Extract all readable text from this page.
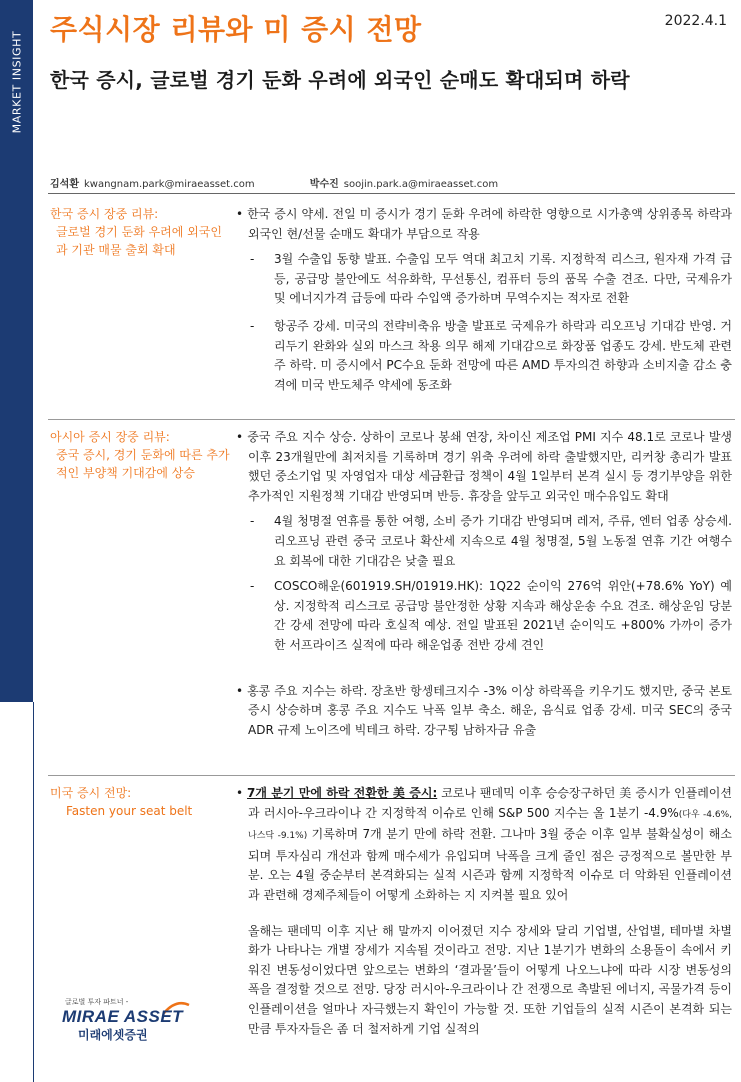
MARKET INSIGHT
주식시장 리뷰와 미 증시 전망	2022.4.1
한국 증시, 글로벌 경기 둔화 우려에 외국인 순매도 확대되며 하락
김석환 kwangnam.park@miraeasset.com	박수진 soojin.park.a@miraeasset.com
한국 증시 장중 리뷰:
글로벌 경기 둔화 우려에 외국인과 기관 매물 출회 확대

• 한국 증시 약세. 전일 미 증시가 경기 둔화 우려에 하락한 영향으로 시가총액 상위종목 하락과 외국인 현/선물 순매도 확대가 부담으로 작용

- 3월 수출입 동향 발표. 수출입 모두 역대 최고치 기록. 지정학적 리스크, 원자재 가격 급등, 공급망 불안에도 석유화학, 무선통신, 컴퓨터 등의 품목 수출 견조. 다만, 국제유가 및 에너지가격 급등에 따라 수입액 증가하며 무역수지는 적자로 전환

- 항공주 강세. 미국의 전략비축유 방출 발표로 국제유가 하락과 리오프닝 기대감 반영. 거리두기 완화와 실외 마스크 착용 의무 해제 기대감으로 화장품 업종도 강세. 반도체 관련주 하락. 미 증시에서 PC수요 둔화 전망에 따른 AMD 투자의견 하향과 소비지출 감소 충격에 미국 반도체주 약세에 동조화

아시아 증시 장중 리뷰:
중국 증시, 경기 둔화에 따른 추가적인 부양책 기대감에 상승

• 중국 주요 지수 상승. 상하이 코로나 봉쇄 연장, 차이신 제조업 PMI 지수 48.1로 코로나 발생 이후 23개월만에 최저치를 기록하며 경기 위축 우려에 하락 출발했지만, 리커창 총리가 발표했던 중소기업 및 자영업자 대상 세금환급 정책이 4월 1일부터 본격 실시 등 경기부양을 위한 추가적인 지원정책 기대감 반영되며 반등. 휴장을 앞두고 외국인 매수유입도 확대

- 4월 청명절 연휴를 통한 여행, 소비 증가 기대감 반영되며 레저, 주류, 엔터 업종 상승세. 리오프닝 관련 중국 코로나 확산세 지속으로 4월 청명절, 5월 노동절 연휴 기간 여행수요 회복에 대한 기대감은 낮출 필요

- COSCO해운(601919.SH/01919.HK): 1Q22 순이익 276억 위안(+78.6% YoY) 예상. 지정학적 리스크로 공급망 불안정한 상황 지속과 해상운송 수요 견조. 해상운임 당분간 강세 전망에 따라 호실적 예상. 전일 발표된 2021년 순이익도 +800% 가까이 증가한 서프라이즈 실적에 따라 해운업종 전반 강세 견인

• 홍콩 주요 지수는 하락. 장초반 항셍테크지수 -3% 이상 하락폭을 키우기도 했지만, 중국 본토증시 상승하며 홍콩 주요 지수도 낙폭 일부 축소. 해운, 음식료 업종 강세. 미국 SEC의 중국 ADR 규제 노이즈에 빅테크 하락. 강구툉 남하자금 유출

미국 증시 전망:
Fasten your seat belt

• 7개 분기 만에 하락 전환한 美 증시: 코로나 팬데믹 이후 승승장구하던 美 증시가 인플레이션과 러시아-우크라이나 간 지정학적 이슈로 인해 S&P 500 지수는 올 1분기 -4.9%(다우 -4.6%, 나스닥 -9.1%) 기록하며 7개 분기 만에 하락 전환. 그나마 3월 중순 이후 일부 불확실성이 해소되며 투자심리 개선과 함께 매수세가 유입되며 낙폭을 크게 줄인 점은 긍정적으로 볼만한 부분. 오는 4월 중순부터 본격화되는 실적 시즌과 함께 지정학적 이슈로 더 악화된 인플레이션과 관련해 경제주체들이 어떻게 소화하는 지 지켜볼 필요 있어

올해는 팬데믹 이후 지난 해 말까지 이어졌던 지수 장세와 달리 기업별, 산업별, 테마별 차별화가 나타나는 개별 장세가 지속될 것이라고 전망. 지난 1분기가 변화의 소용돌이 속에서 키워진 변동성이었다면 앞으로는 변화의 ‘결과물’들이 어떻게 나오느냐에 따라 시장 변동성의 폭을 결정할 것으로 전망. 당장 러시아-우크라이나 간 전쟁으로 촉발된 에너지, 곡물가격 등이 인플레이션을 얼마나 자극했는지 확인이 가능할 것. 또한 기업들의 실적 시즌이 본격화 되는 만큼 투자자들은 좀 더 철저하게 기업 실적의

글로벌 투자 파트너 -
MIRAE ASSET
미래에셋증권
